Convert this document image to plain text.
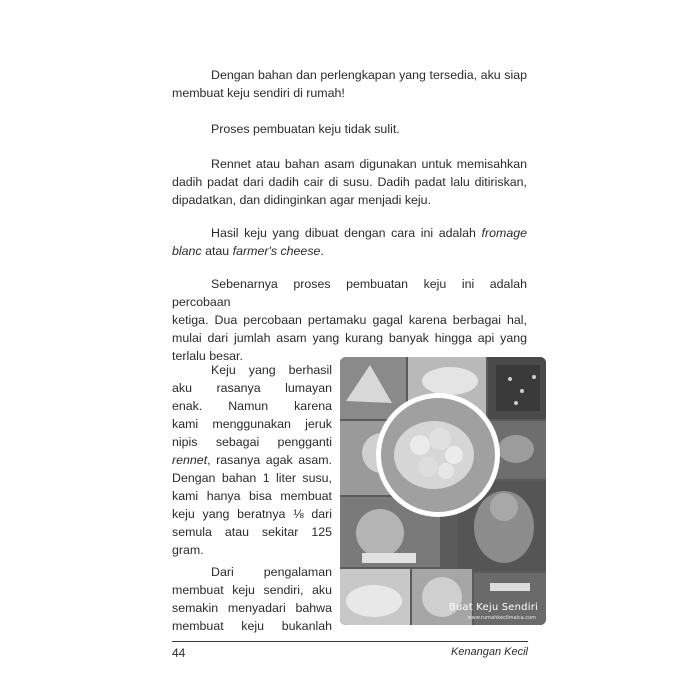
Dengan bahan dan perlengkapan yang tersedia, aku siap
membuat keju sendiri di rumah!
Proses pembuatan keju tidak sulit.
Rennet atau bahan asam digunakan untuk memisahkan
dadih padat dari dadih cair di susu. Dadih padat lalu ditiriskan,
dipadatkan, dan didinginkan agar menjadi keju.
Hasil keju yang dibuat dengan cara ini adalah fromage
blanc atau farmer's cheese.
Sebenarnya proses pembuatan keju ini adalah percobaan
ketiga. Dua percobaan pertamaku gagal karena berbagai hal,
mulai dari jumlah asam yang kurang banyak hingga api yang
terlalu besar.
Keju yang berhasil
aku rasanya lumayan
enak. Namun karena
kami menggunakan jeruk
nipis sebagai pengganti
rennet, rasanya agak asam.
Dengan bahan 1 liter susu,
kami hanya bisa membuat
keju yang beratnya ⅛ dari
semula atau sekitar 125
gram.
Dari pengalaman
membuat keju sendiri, aku
semakin menyadari bahwa
membuat keju bukanlah
Buat Keju Sendiri
www.rumahkecilmaica.com
44	Kenangan Kecil
